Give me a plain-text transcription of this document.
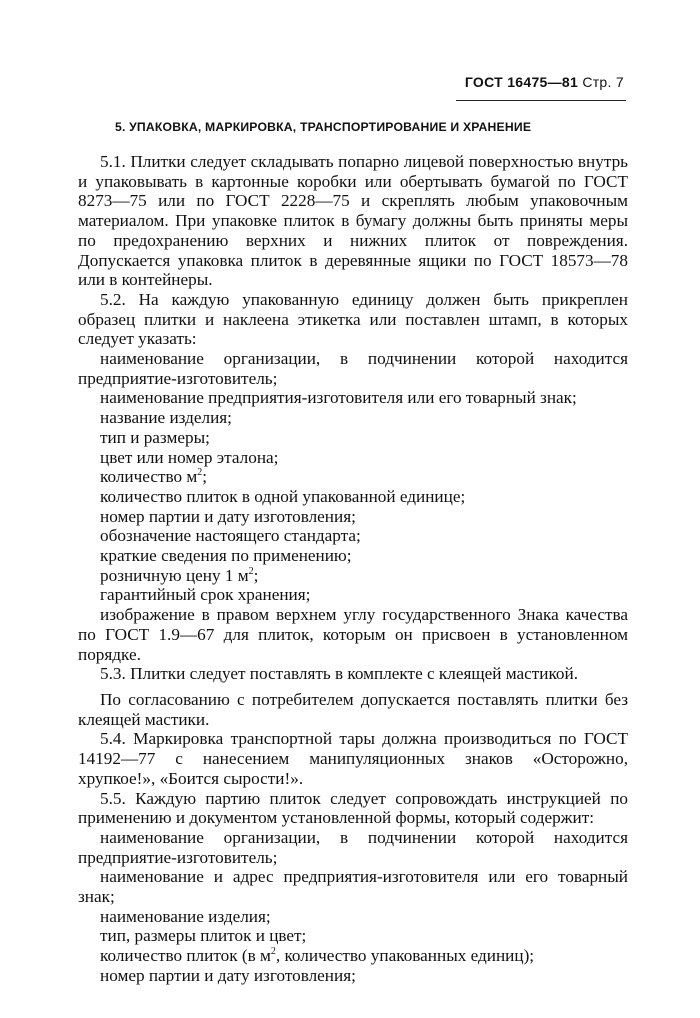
ГОСТ 16475—81 Стр. 7
5. УПАКОВКА, МАРКИРОВКА, ТРАНСПОРТИРОВАНИЕ И ХРАНЕНИЕ
5.1. Плитки следует складывать попарно лицевой поверхностью внутрь и упаковывать в картонные коробки или обертывать бумагой по ГОСТ 8273—75 или по ГОСТ 2228—75 и скреплять любым упаковочным материалом. При упаковке плиток в бумагу должны быть приняты меры по предохранению верхних и нижних плиток от повреждения. Допускается упаковка плиток в деревянные ящики по ГОСТ 18573—78 или в контейнеры.
5.2. На каждую упакованную единицу должен быть прикреплен образец плитки и наклеена этикетка или поставлен штамп, в которых следует указать:
наименование организации, в подчинении которой находится предприятие-изготовитель;
наименование предприятия-изготовителя или его товарный знак;
название изделия;
тип и размеры;
цвет или номер эталона;
количество $м^2$;
количество плиток в одной упакованной единице;
номер партии и дату изготовления;
обозначение настоящего стандарта;
краткие сведения по применению;
розничную цену 1 $м^2$;
гарантийный срок хранения;
изображение в правом верхнем углу государственного Знака качества по ГОСТ 1.9—67 для плиток, которым он присвоен в установленном порядке.
5.3. Плитки следует поставлять в комплекте с клеящей мастикой.
По согласованию с потребителем допускается поставлять плитки без клеящей мастики.
5.4. Маркировка транспортной тары должна производиться по ГОСТ 14192—77 с нанесением манипуляционных знаков «Осторожно, хрупкое!», «Боится сырости!».
5.5. Каждую партию плиток следует сопровождать инструкцией по применению и документом установленной формы, который содержит:
наименование организации, в подчинении которой находится предприятие-изготовитель;
наименование и адрес предприятия-изготовителя или его товарный знак;
наименование изделия;
тип, размеры плиток и цвет;
количество плиток (в $м^2$, количество упакованных единиц);
номер партии и дату изготовления;
